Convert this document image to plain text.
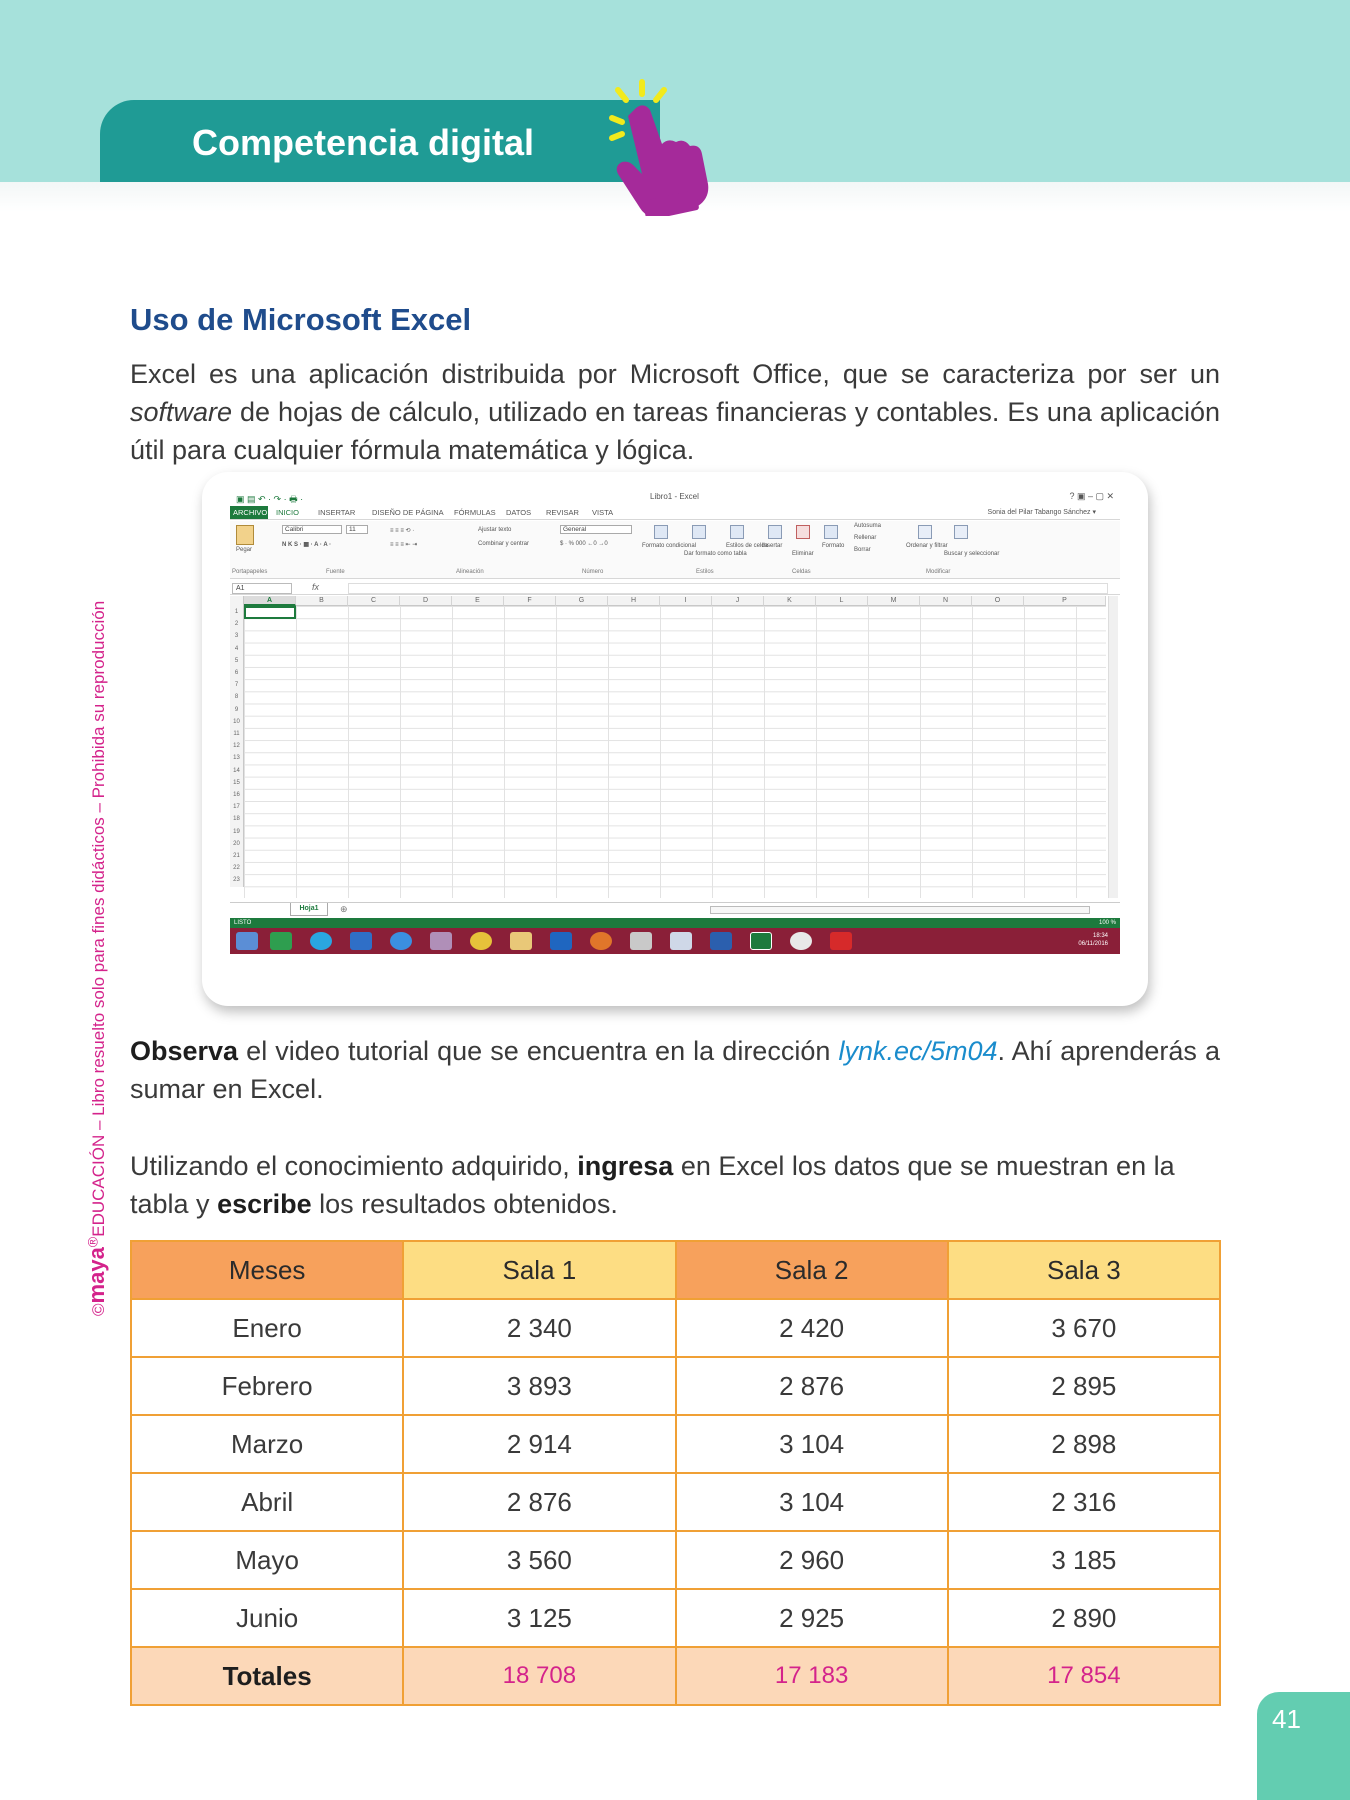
Competencia digital
©maya®EDUCACIÓN – Libro resuelto solo para fines didácticos – Prohibida su reproducción
Uso de Microsoft Excel

Excel es una aplicación distribuida por Microsoft Office, que se caracteriza por ser un software de hojas de cálculo, utilizado en tareas financieras y contables. Es una aplicación útil para cualquier fórmula matemática y lógica.

▣ ▤ ↶ · ↷ · 🖶 ·	Libro1 - Excel	? ▣ – ▢ ✕
ARCHIVO INICIO	INSERTAR DISEÑO DE PÁGINA FÓRMULAS DATOS REVISAR VISTA	Sonia del Pilar Tabango Sánchez ▾
Pegar
Calibri	11
N K S · ▦ · A · A ·
≡ ≡ ≡ ⟲ ·
≡ ≡ ≡ ⇤ ⇥
Ajustar texto
Combinar y centrar
General
$ · % 000 ←0 →0	Formato condicional
Dar formato como tabla
Estilos de celda
Insertar
Eliminar
Formato
Autosuma
Rellenar
Borrar
Ordenar y filtrar
Buscar y seleccionar
Portapapeles	Fuente	Alineación	Número	Estilos	Celdas	Modificar
A1	fx
A	B	C	D	E	F	G	H	I	J	K	L	M	N	O	P
1
2
3
4
5
6
7
8
9
10
11
12
13
14
15
16
17
18
19
20
21
22
23
Hoja1	⊕
LISTO	100 %
18:34
06/11/2016

Observa el video tutorial que se encuentra en la dirección lynk.ec/5m04. Ahí aprenderás a sumar en Excel.

Utilizando el conocimiento adquirido, ingresa en Excel los datos que se muestran en la tabla y escribe los resultados obtenidos.

Meses	Sala 1	Sala 2	Sala 3
Enero	2 340	2 420	3 670
Febrero	3 893	2 876	2 895
Marzo	2 914	3 104	2 898
Abril	2 876	3 104	2 316
Mayo	3 560	2 960	3 185
Junio	3 125	2 925	2 890
Totales	18 708	17 183	17 854
41
